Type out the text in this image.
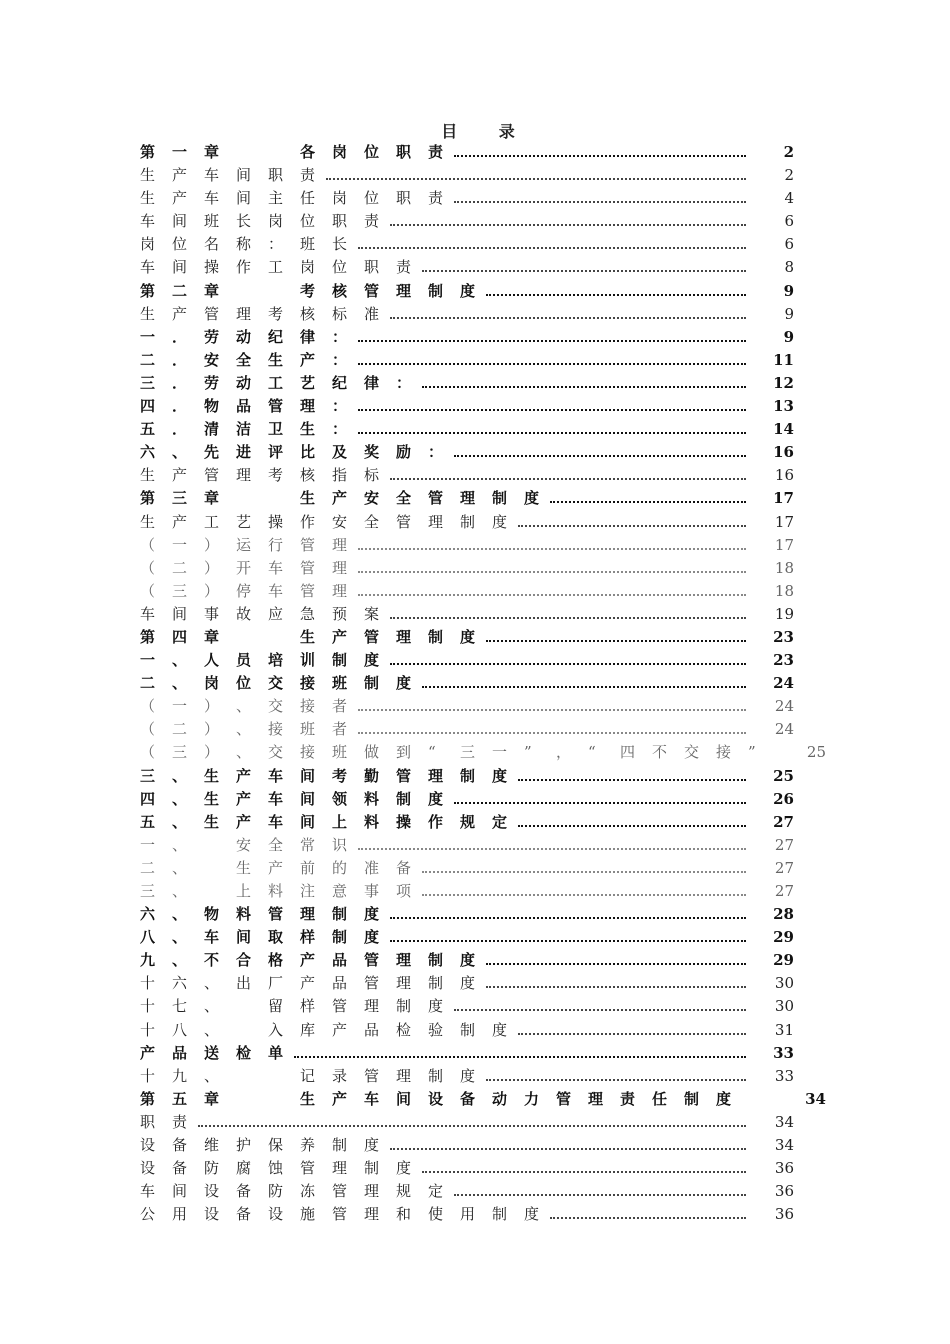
目 录
第 一 章	各 岗 位 职 责	2
生 产 车 间 职 责	2
生 产 车 间 主 任 岗 位 职 责	4
车 间 班 长 岗 位 职 责	6
岗 位 名 称 ： 班 长	6
车 间 操 作 工 岗 位 职 责	8
第 二 章	考 核 管 理 制 度	9
生 产 管 理 考 核 标 准	9
一 ． 劳 动 纪 律 ：	9
二 ． 安 全 生 产 ：	11
三 ． 劳 动 工 艺 纪 律 ：	12
四 ． 物 品 管 理 ：	13
五 ． 清 洁 卫 生 ：	14
六 、 先 进 评 比 及 奖 励 ：	16
生 产 管 理 考 核 指 标	16
第 三 章	生 产 安 全 管 理 制 度	17
生 产 工 艺 操 作 安 全 管 理 制 度	17
（ 一 ） 运 行 管 理	17
（ 二 ） 开 车 管 理	18
（ 三 ） 停 车 管 理	18
车 间 事 故 应 急 预 案	19
第 四 章	生 产 管 理 制 度	23
一 、 人 员 培 训 制 度	23
二 、 岗 位 交 接 班 制 度	24
（ 一 ） 、 交 接 者	24
（ 二 ） 、 接 班 者	24
（ 三 ） 、 交 接 班 做 到 “ 三 一 ” ， “ 四 不 交 接 ”	25
三 、 生 产 车 间 考 勤 管 理 制 度	25
四 、 生 产 车 间 领 料 制 度	26
五 、 生 产 车 间 上 料 操 作 规 定	27
一 、	安 全 常 识	27
二 、	生 产 前 的 准 备	27
三 、	上 料 注 意 事 项	27
六 、 物 料 管 理 制 度	28
八 、 车 间 取 样 制 度	29
九 、 不 合 格 产 品 管 理 制 度	29
十 六 、 出 厂 产 品 管 理 制 度	30
十 七 、	留 样 管 理 制 度	30
十 八 、	入 库 产 品 检 验 制 度	31
产 品 送 检 单	33
十 九 、	记 录 管 理 制 度	33
第 五 章	生 产 车 间 设 备 动 力 管 理 责 任 制 度	34
职 责	34
设 备 维 护 保 养 制 度	34
设 备 防 腐 蚀 管 理 制 度	36
车 间 设 备 防 冻 管 理 规 定	36
公 用 设 备 设 施 管 理 和 使 用 制 度	36
